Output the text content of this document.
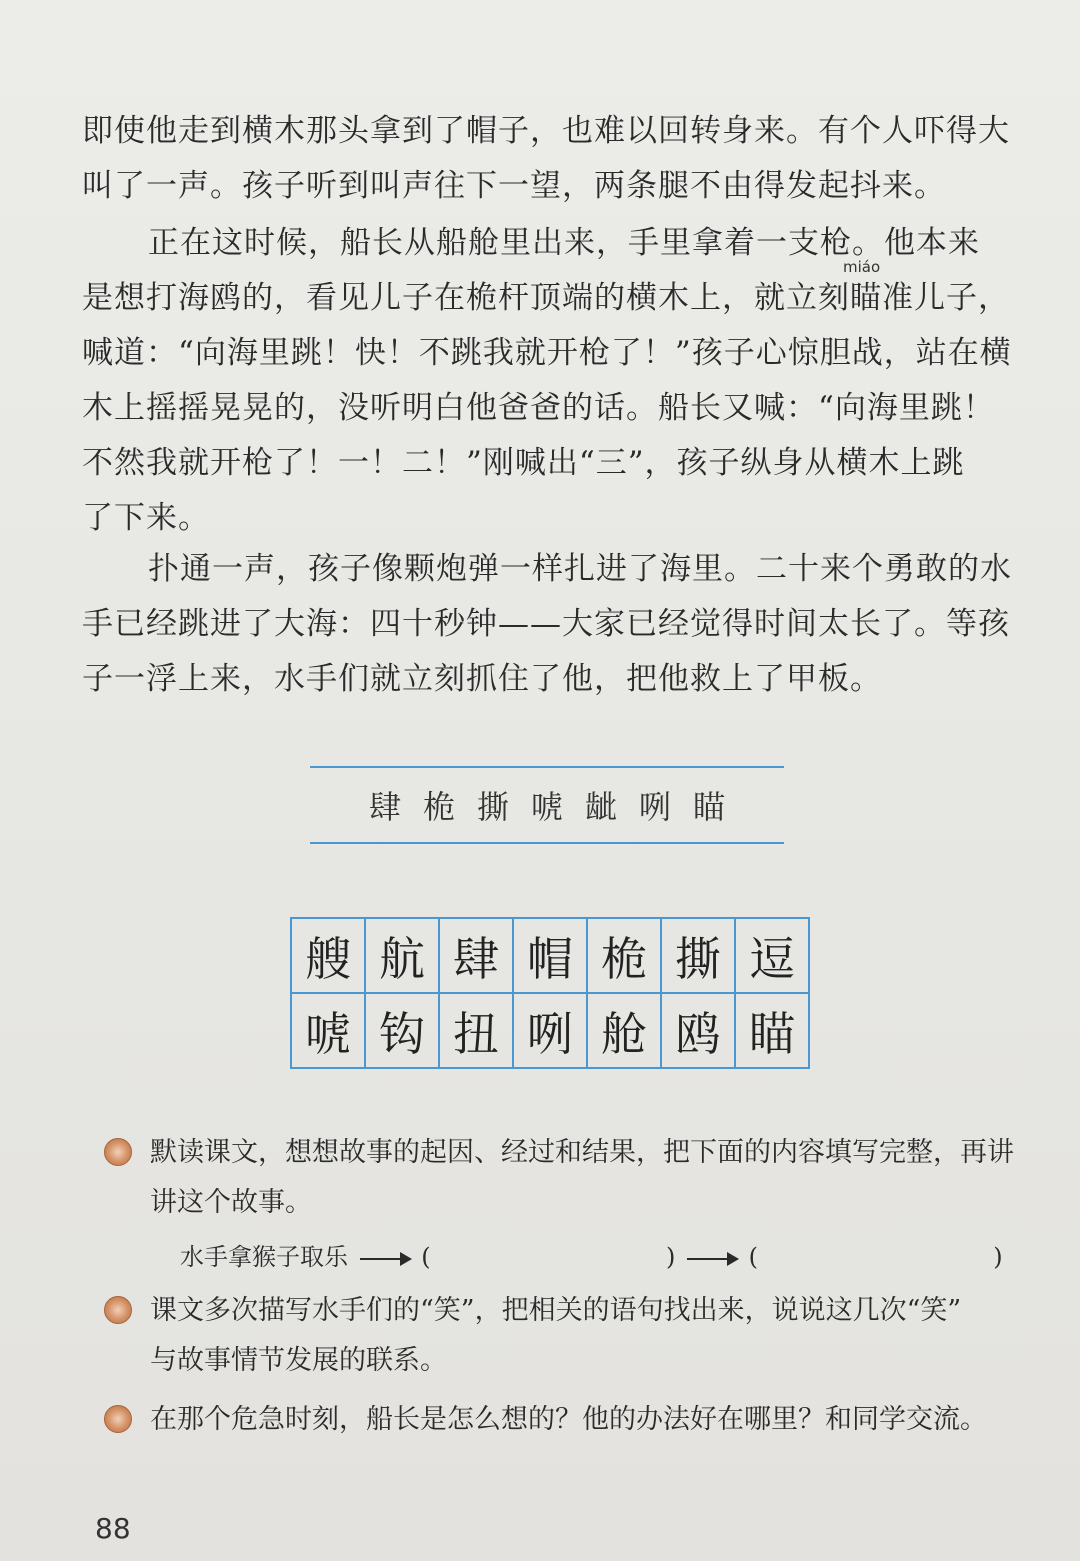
即使他走到横木那头拿到了帽子，也难以回转身来。有个人吓得大
叫了一声。孩子听到叫声往下一望，两条腿不由得发起抖来。

miáo

正在这时候，船长从船舱里出来，手里拿着一支枪。他本来
是想打海鸥的，看见儿子在桅杆顶端的横木上，就立刻瞄准儿子，
喊道：“向海里跳！快！不跳我就开枪了！”孩子心惊胆战，站在横
木上摇摇晃晃的，没听明白他爸爸的话。船长又喊：“向海里跳！
不然我就开枪了！一！二！”刚喊出“三”，孩子纵身从横木上跳
了下来。

扑通一声，孩子像颗炮弹一样扎进了海里。二十来个勇敢的水
手已经跳进了大海：四十秒钟——大家已经觉得时间太长了。等孩
子一浮上来，水手们就立刻抓住了他，把他救上了甲板。

肆 桅 撕 唬 龇 咧 瞄
艘	航	肆	帽	桅	撕	逗
唬	钩	扭	咧	舱	鸥	瞄
默读课文，想想故事的起因、经过和结果，把下面的内容填写完整，再讲
讲这个故事。
水手拿猴子取乐	(	)	(	)
课文多次描写水手们的“笑”，把相关的语句找出来，说说这几次“笑”
与故事情节发展的联系。
在那个危急时刻，船长是怎么想的？他的办法好在哪里？和同学交流。
88
